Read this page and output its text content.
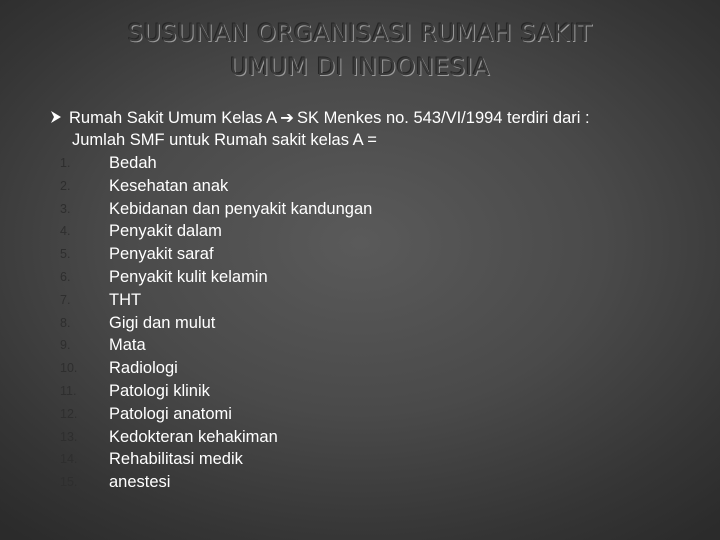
SUSUNAN ORGANISASI RUMAH SAKIT
UMUM DI INDONESIA
Rumah Sakit Umum Kelas A ➔ SK Menkes no. 543/VI/1994 terdiri dari :
Jumlah SMF untuk Rumah sakit kelas A =
1.	Bedah
2.	Kesehatan anak
3.	Kebidanan dan penyakit kandungan
4.	Penyakit dalam
5.	Penyakit saraf
6.	Penyakit kulit kelamin
7.	THT
8.	Gigi dan mulut
9.	Mata
10.	Radiologi
11.	Patologi klinik
12.	Patologi anatomi
13.	Kedokteran kehakiman
14.	Rehabilitasi medik
15.	anestesi
